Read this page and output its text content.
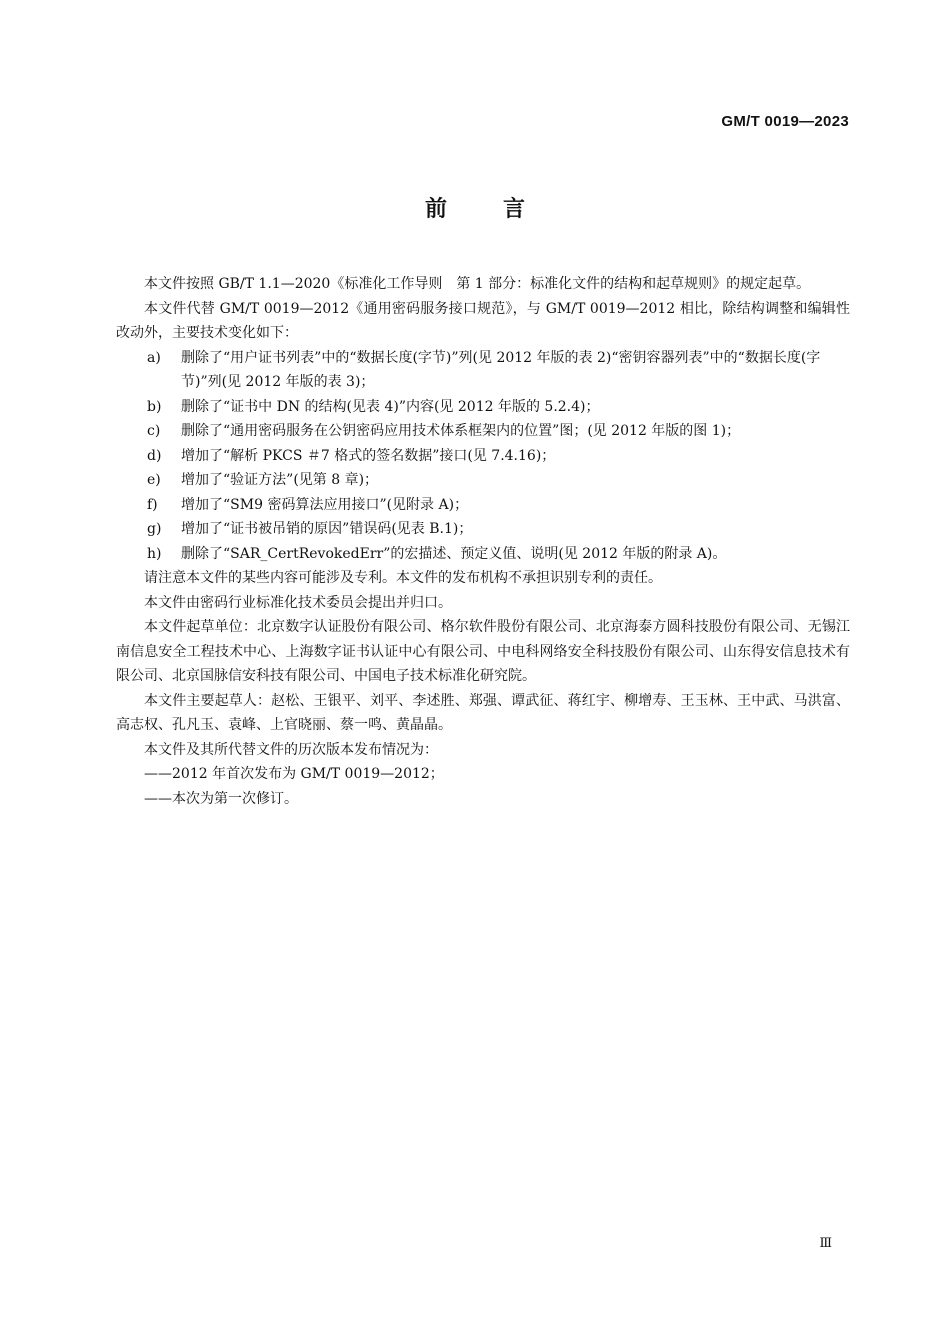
GM/T 0019—2023
前言

本文件按照 GB/T 1.1—2020《标准化工作导则　第 1 部分：标准化文件的结构和起草规则》的规定起草。

本文件代替 GM/T 0019—2012《通用密码服务接口规范》，与 GM/T 0019—2012 相比，除结构调整和编辑性改动外，主要技术变化如下：

a) 删除了“用户证书列表”中的“数据长度(字节)”列(见 2012 年版的表 2)“密钥容器列表”中的“数据长度(字节)”列(见 2012 年版的表 3)；

b) 删除了“证书中 DN 的结构(见表 4)”内容(见 2012 年版的 5.2.4)；

c) 删除了“通用密码服务在公钥密码应用技术体系框架内的位置”图；(见 2012 年版的图 1)；

d) 增加了“解析 PKCS ＃7 格式的签名数据”接口(见 7.4.16)；

e) 增加了“验证方法”(见第 8 章)；

f) 增加了“SM9 密码算法应用接口”(见附录 A)；

g) 增加了“证书被吊销的原因”错误码(见表 B.1)；

h) 删除了“SAR_CertRevokedErr”的宏描述、预定义值、说明(见 2012 年版的附录 A)。

请注意本文件的某些内容可能涉及专利。本文件的发布机构不承担识别专利的责任。

本文件由密码行业标准化技术委员会提出并归口。

本文件起草单位：北京数字认证股份有限公司、格尔软件股份有限公司、北京海泰方圆科技股份有限公司、无锡江南信息安全工程技术中心、上海数字证书认证中心有限公司、中电科网络安全科技股份有限公司、山东得安信息技术有限公司、北京国脉信安科技有限公司、中国电子技术标准化研究院。

本文件主要起草人：赵松、王银平、刘平、李述胜、郑强、谭武征、蒋红宇、柳增寿、王玉林、王中武、马洪富、高志权、孔凡玉、袁峰、上官晓丽、蔡一鸣、黄晶晶。

本文件及其所代替文件的历次版本发布情况为：

——2012 年首次发布为 GM/T 0019—2012；

——本次为第一次修订。

Ⅲ
